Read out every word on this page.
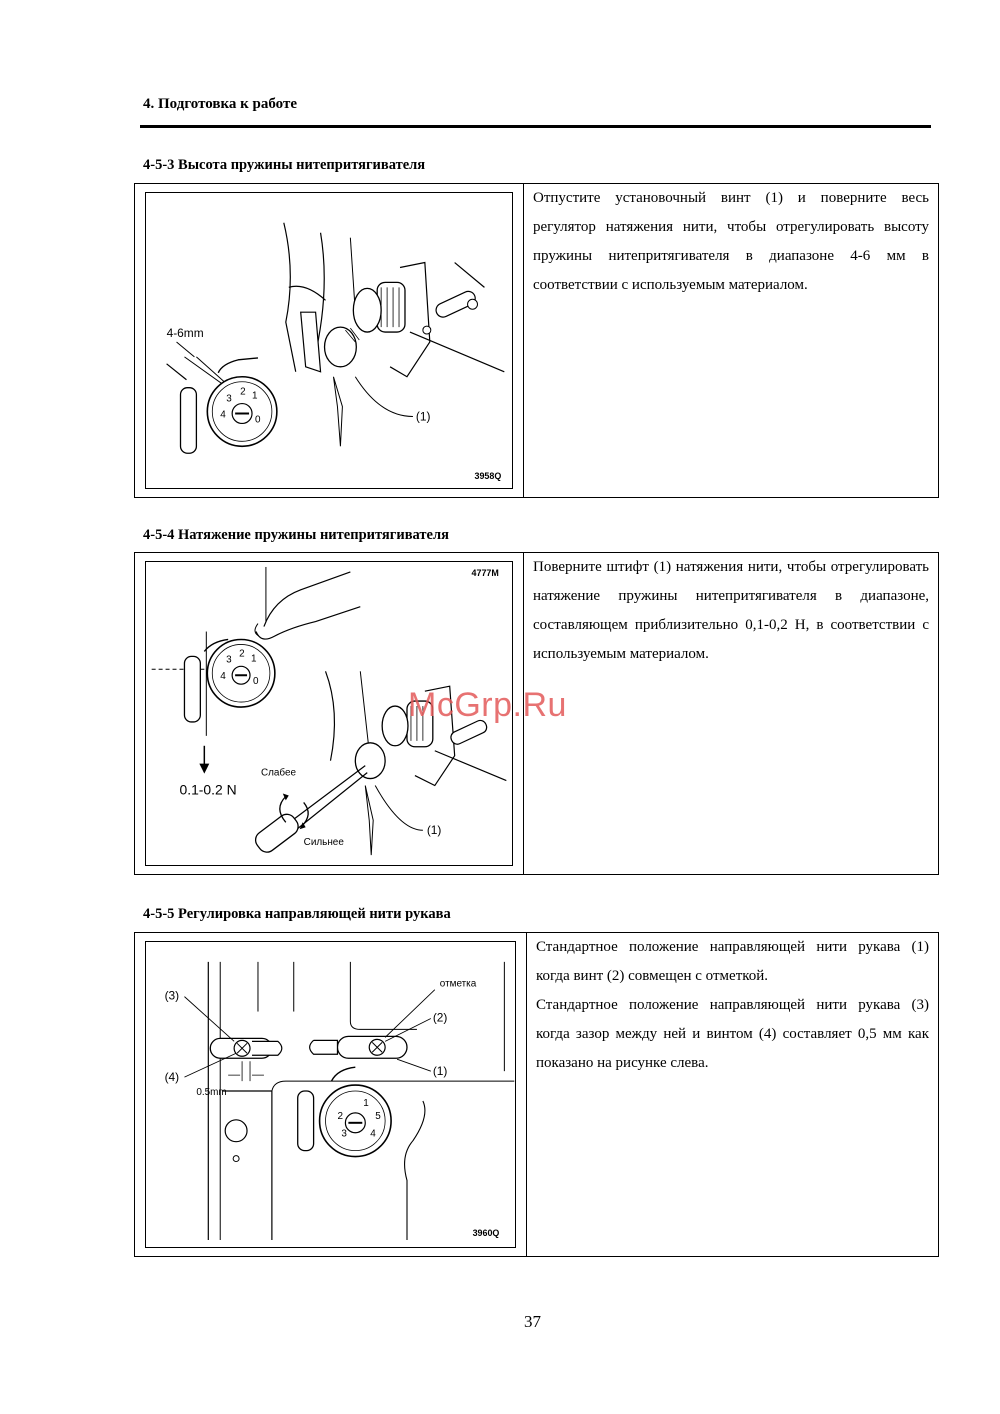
4. Подготовка к работе
4-5-3 Высота пружины нитепритягивателя
(1)
4-6mm
1
2
3
4	0
3958Q

Отпустите установочный винт (1) и поверните весь регулятор натяжения нити, чтобы отрегулировать высоту пружины нитепритягивателя в диапазоне 4-6 мм в соответствии с используемым материалом.

4-5-4 Натяжение пружины нитепритягивателя
4777M
1
2
3
4	0
0.1-0.2 N
Слабее
Сильнее
(1)

Поверните штифт (1) натяжения нити, чтобы отрегулировать натяжение пружины нитепритягивателя в диапазоне, составляющем приблизительно 0,1-0,2 Н, в соответствии с используемым материалом.

4-5-5 Регулировка направляющей нити рукава
0.5mm
(3)
(4)
отметка
(2)
(1)
1
2
3 4
5
3960Q

Стандартное положение направляющей нити рукава (1) когда винт (2) совмещен с отметкой.

Стандартное положение направляющей нити рукава (3) когда зазор между ней и винтом (4) составляет 0,5 мм как показано на рисунке слева.

McGrp.Ru
37
